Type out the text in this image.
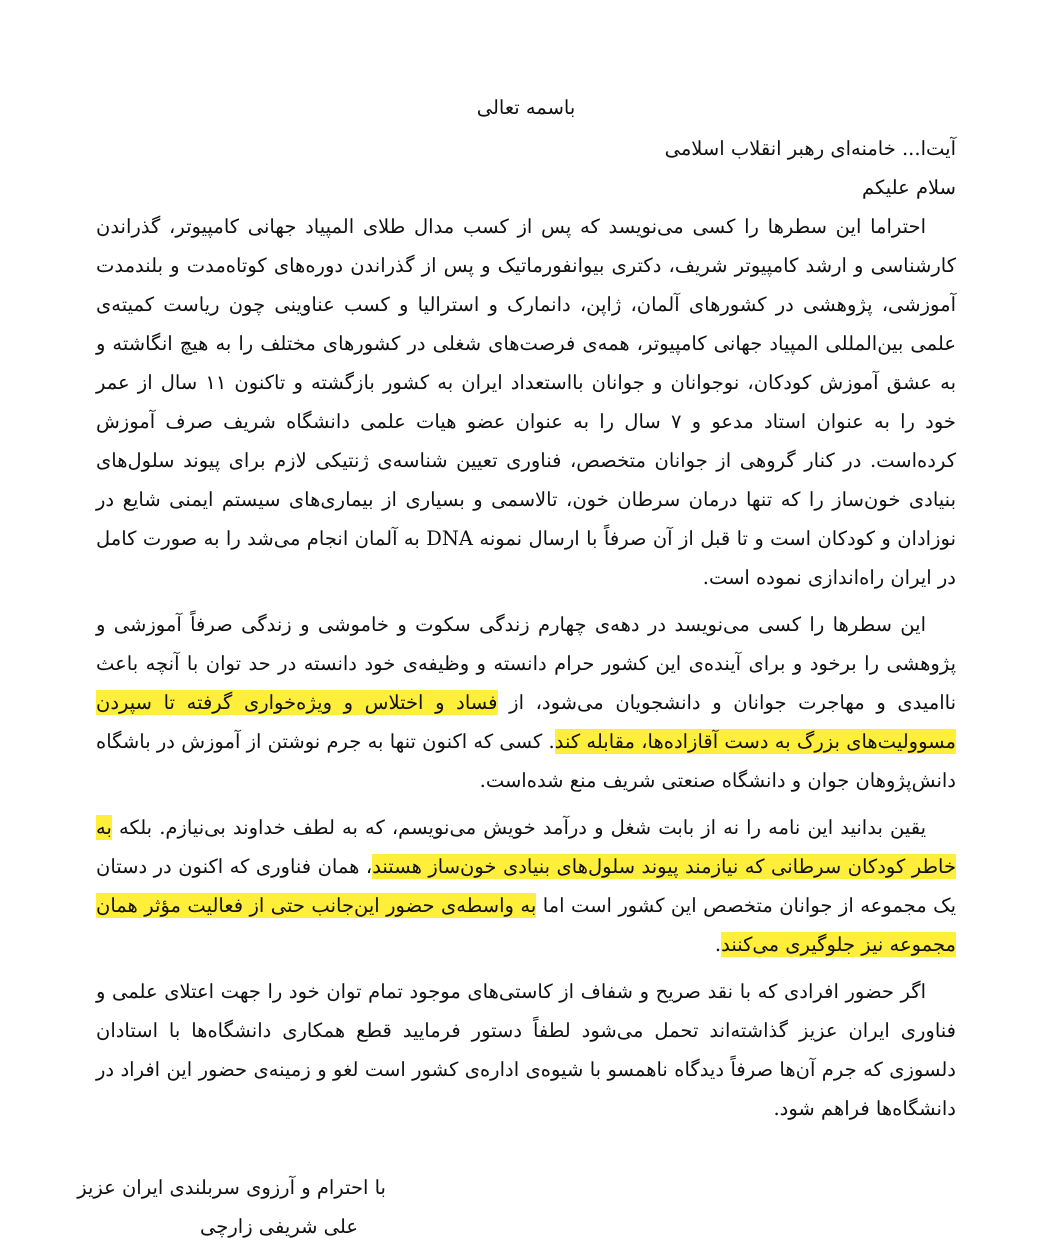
باسمه تعالی
آیت‌ا... خامنه‌ای رهبر انقلاب اسلامی
سلام علیکم

احتراما این سطرها را کسی می‌نویسد که پس از کسب مدال طلای المپیاد جهانی کامپیوتر، گذراندن کارشناسی و ارشد کامپیوتر شریف، دکتری بیوانفورماتیک و پس از گذراندن دوره‌های کوتاه‌مدت و بلندمدت آموزشی، پژوهشی در کشورهای آلمان، ژاپن، دانمارک و استرالیا و کسب عناوینی چون ریاست کمیته‌ی علمی بین‌المللی المپیاد جهانی کامپیوتر، همه‌ی فرصت‌های شغلی در کشورهای مختلف را به هیچ انگاشته و به عشق آموزش کودکان، نوجوانان و جوانان بااستعداد ایران به کشور بازگشته و تاکنون ۱۱ سال از عمر خود را به عنوان استاد مدعو و ۷ سال را به عنوان عضو هیات علمی دانشگاه شریف صرف آموزش کرده‌است. در کنار گروهی از جوانان متخصص، فناوری تعیین شناسه‌ی ژنتیکی لازم برای پیوند سلول‌های بنیادی خون‌ساز را که تنها درمان سرطان خون، تالاسمی و بسیاری از بیماری‌های سیستم ایمنی شایع در نوزادان و کودکان است و تا قبل از آن صرفاً با ارسال نمونه DNA به آلمان انجام می‌شد را به صورت کامل در ایران راه‌اندازی نموده است.

این سطرها را کسی می‌نویسد در دهه‌ی چهارم زندگی سکوت و خاموشی و زندگی صرفاً آموزشی و پژوهشی را برخود و برای آینده‌ی این کشور حرام دانسته و وظیفه‌ی خود دانسته در حد توان با آنچه باعث ناامیدی و مهاجرت جوانان و دانشجویان می‌شود، از فساد و اختلاس و ویژه‌خواری گرفته تا سپردن مسوولیت‌های بزرگ به دست آقازاده‌ها، مقابله کند. کسی که اکنون تنها به جرم نوشتن از آموزش در باشگاه دانش‌پژوهان جوان و دانشگاه صنعتی شریف منع شده‌است.

یقین بدانید این نامه را نه از بابت شغل و درآمد خویش می‌نویسم، که به لطف خداوند بی‌نیازم. بلکه به خاطر کودکان سرطانی که نیازمند پیوند سلول‌های بنیادی خون‌ساز هستند، همان فناوری که اکنون در دستان یک مجموعه از جوانان متخصص این کشور است اما به واسطه‌ی حضور این‌جانب حتی از فعالیت مؤثر همان مجموعه نیز جلوگیری می‌کنند.

اگر حضور افرادی که با نقد صریح و شفاف از کاستی‌های موجود تمام توان خود را جهت اعتلای علمی و فناوری ایران عزیز گذاشته‌اند تحمل می‌شود لطفاً دستور فرمایید قطع همکاری دانشگاه‌ها با استادان دلسوزی که جرم آن‌ها صرفاً دیدگاه ناهمسو با شیوه‌ی اداره‌ی کشور است لغو و زمینه‌ی حضور این افراد در دانشگاه‌ها فراهم شود.

با احترام و آرزوی سربلندی ایران عزیز
علی شریفی زارچی
